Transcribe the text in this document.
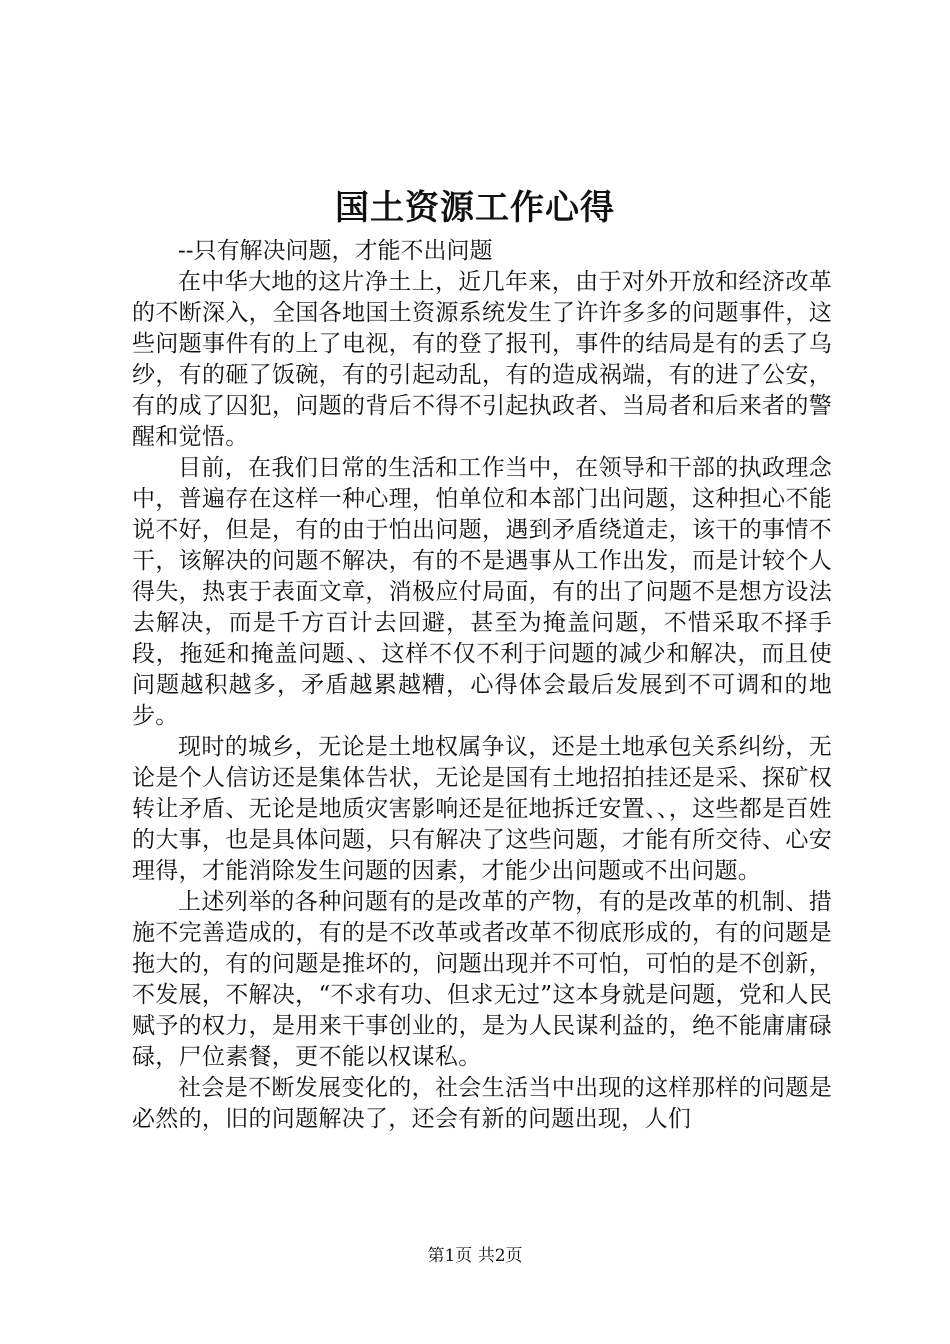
国土资源工作心得

--只有解决问题，才能不出问题

在中华大地的这片净土上，近几年来，由于对外开放和经济改革的不断深入，全国各地国土资源系统发生了许许多多的问题事件，这些问题事件有的上了电视，有的登了报刊，事件的结局是有的丢了乌纱，有的砸了饭碗，有的引起动乱，有的造成祸端，有的进了公安，有的成了囚犯，问题的背后不得不引起执政者、当局者和后来者的警醒和觉悟。

目前，在我们日常的生活和工作当中，在领导和干部的执政理念中，普遍存在这样一种心理，怕单位和本部门出问题，这种担心不能说不好，但是，有的由于怕出问题，遇到矛盾绕道走，该干的事情不干，该解决的问题不解决，有的不是遇事从工作出发，而是计较个人得失，热衷于表面文章，消极应付局面，有的出了问题不是想方设法去解决，而是千方百计去回避，甚至为掩盖问题，不惜采取不择手段，拖延和掩盖问题、、这样不仅不利于问题的减少和解决，而且使问题越积越多，矛盾越累越糟，心得体会最后发展到不可调和的地步。

现时的城乡，无论是土地权属争议，还是土地承包关系纠纷，无论是个人信访还是集体告状，无论是国有土地招拍挂还是采、探矿权转让矛盾、无论是地质灾害影响还是征地拆迁安置、、，这些都是百姓的大事，也是具体问题，只有解决了这些问题，才能有所交待、心安理得，才能消除发生问题的因素，才能少出问题或不出问题。

上述列举的各种问题有的是改革的产物，有的是改革的机制、措施不完善造成的，有的是不改革或者改革不彻底形成的，有的问题是拖大的，有的问题是推坏的，问题出现并不可怕，可怕的是不创新，不发展，不解决，“不求有功、但求无过”这本身就是问题，党和人民赋予的权力，是用来干事创业的，是为人民谋利益的，绝不能庸庸碌碌，尸位素餐，更不能以权谋私。

社会是不断发展变化的，社会生活当中出现的这样那样的问题是必然的，旧的问题解决了，还会有新的问题出现，人们

第1页 共2页
